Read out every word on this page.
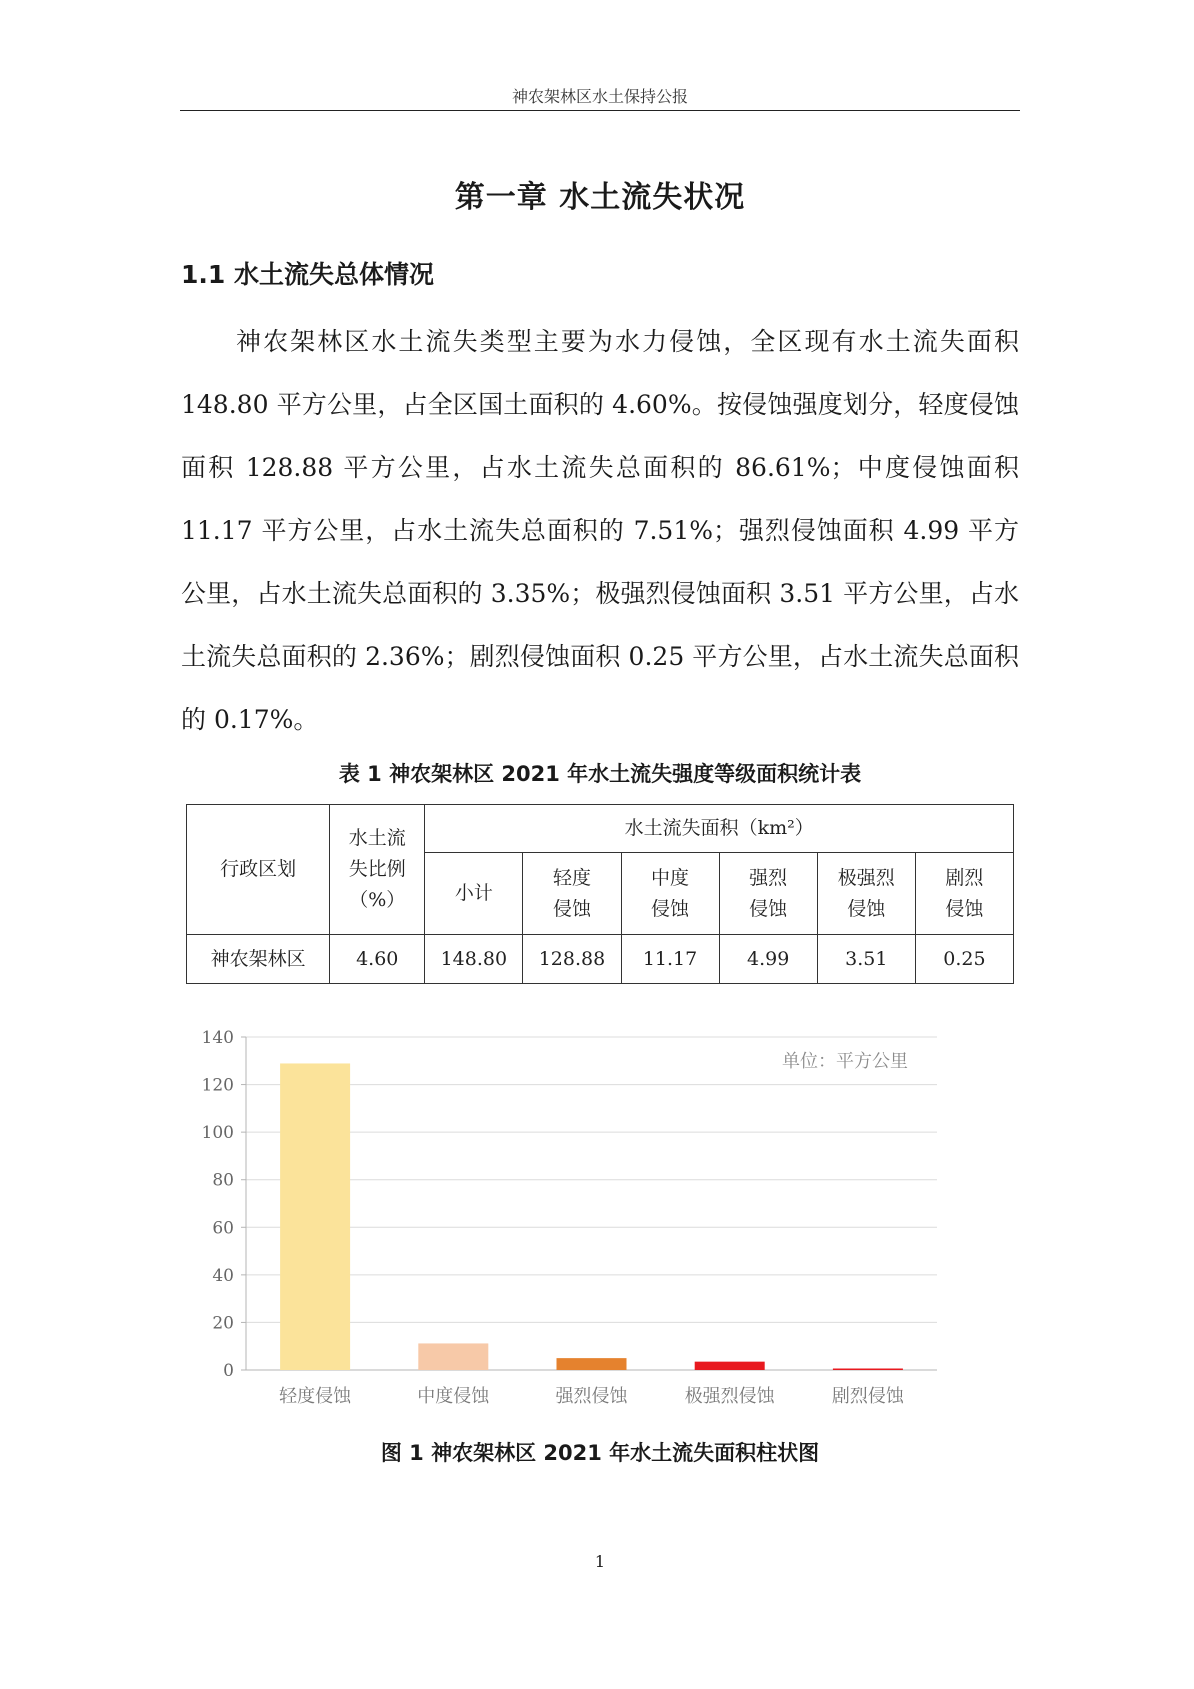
神农架林区水土保持公报
第一章 水土流失状况
1.1 水土流失总体情况

神农架林区水土流失类型主要为水力侵蚀，全区现有水土流失面积 148.80 平方公里，占全区国土面积的 4.60%。按侵蚀强度划分，轻度侵蚀面积 128.88 平方公里，占水土流失总面积的 86.61%；中度侵蚀面积 11.17 平方公里，占水土流失总面积的 7.51%；强烈侵蚀面积 4.99 平方公里，占水土流失总面积的 3.35%；极强烈侵蚀面积 3.51 平方公里，占水土流失总面积的 2.36%；剧烈侵蚀面积 0.25 平方公里，占水土流失总面积的 0.17%。

表 1 神农架林区 2021 年水土流失强度等级面积统计表
行政区划	水土流失比例（%）	水土流失面积（km²）					
		小计	轻度侵蚀	中度侵蚀	强烈侵蚀	极强烈侵蚀	剧烈侵蚀
神农架林区	4.60	148.80	128.88	11.17	4.99	3.51	0.25
0
20
40
60
80
100
120
140
轻度侵蚀	中度侵蚀	强烈侵蚀	极强烈侵蚀	剧烈侵蚀
单位：平方公里
图 1 神农架林区 2021 年水土流失面积柱状图
1
